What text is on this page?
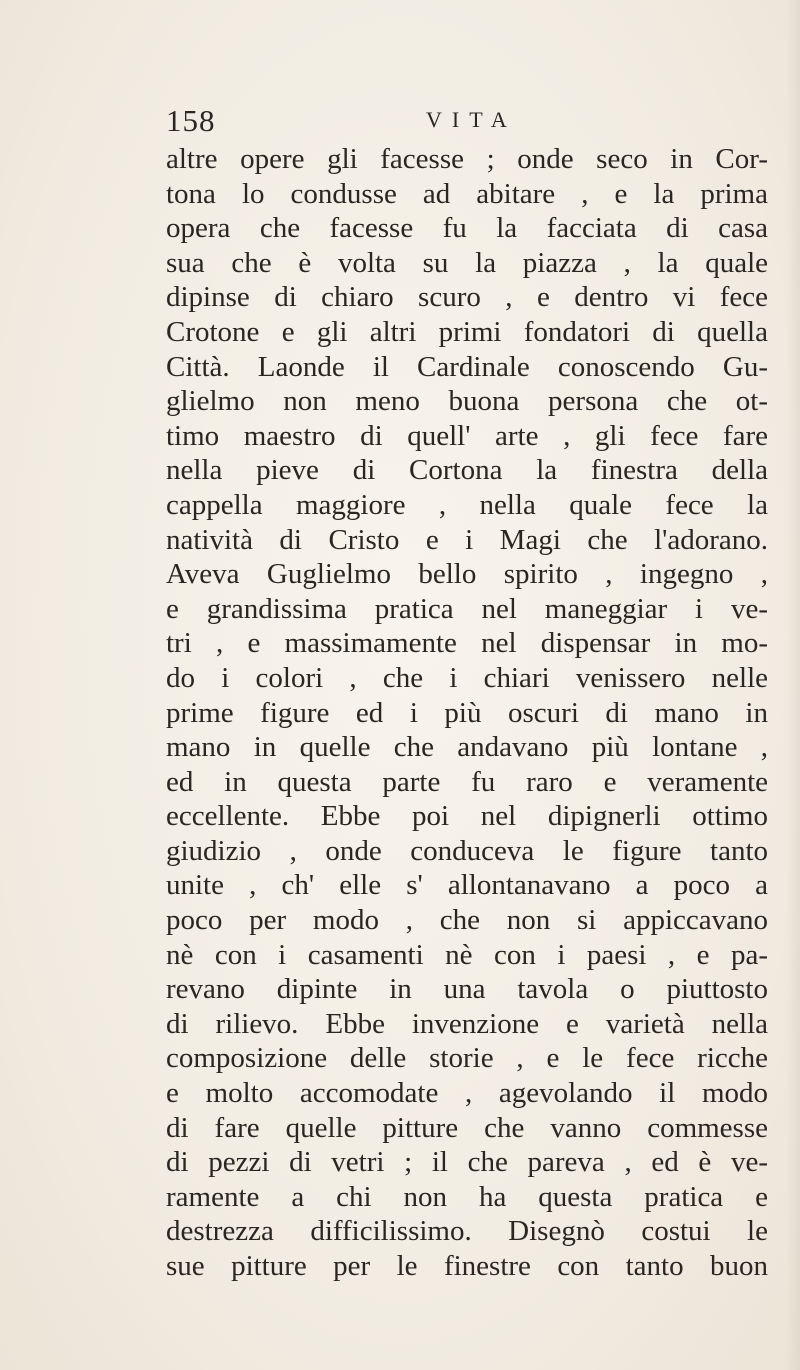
158	VITA
altre opere gli facesse ; onde seco in Cor-
tona lo condusse ad abitare , e la prima
opera che facesse fu la facciata di casa
sua che è volta su la piazza , la quale
dipinse di chiaro scuro , e dentro vi fece
Crotone e gli altri primi fondatori di quella
Città. Laonde il Cardinale conoscendo Gu-
glielmo non meno buona persona che ot-
timo maestro di quell' arte , gli fece fare
nella pieve di Cortona la finestra della
cappella maggiore , nella quale fece la
natività di Cristo e i Magi che l'adorano.
Aveva Guglielmo bello spirito , ingegno ,
e grandissima pratica nel maneggiar i ve-
tri , e massimamente nel dispensar in mo-
do i colori , che i chiari venissero nelle
prime figure ed i più oscuri di mano in
mano in quelle che andavano più lontane ,
ed in questa parte fu raro e veramente
eccellente. Ebbe poi nel dipignerli ottimo
giudizio , onde conduceva le figure tanto
unite , ch' elle s' allontanavano a poco a
poco per modo , che non si appiccavano
nè con i casamenti nè con i paesi , e pa-
revano dipinte in una tavola o piuttosto
di rilievo. Ebbe invenzione e varietà nella
composizione delle storie , e le fece ricche
e molto accomodate , agevolando il modo
di fare quelle pitture che vanno commesse
di pezzi di vetri ; il che pareva , ed è ve-
ramente a chi non ha questa pratica e
destrezza difficilissimo. Disegnò costui le
sue pitture per le finestre con tanto buon
